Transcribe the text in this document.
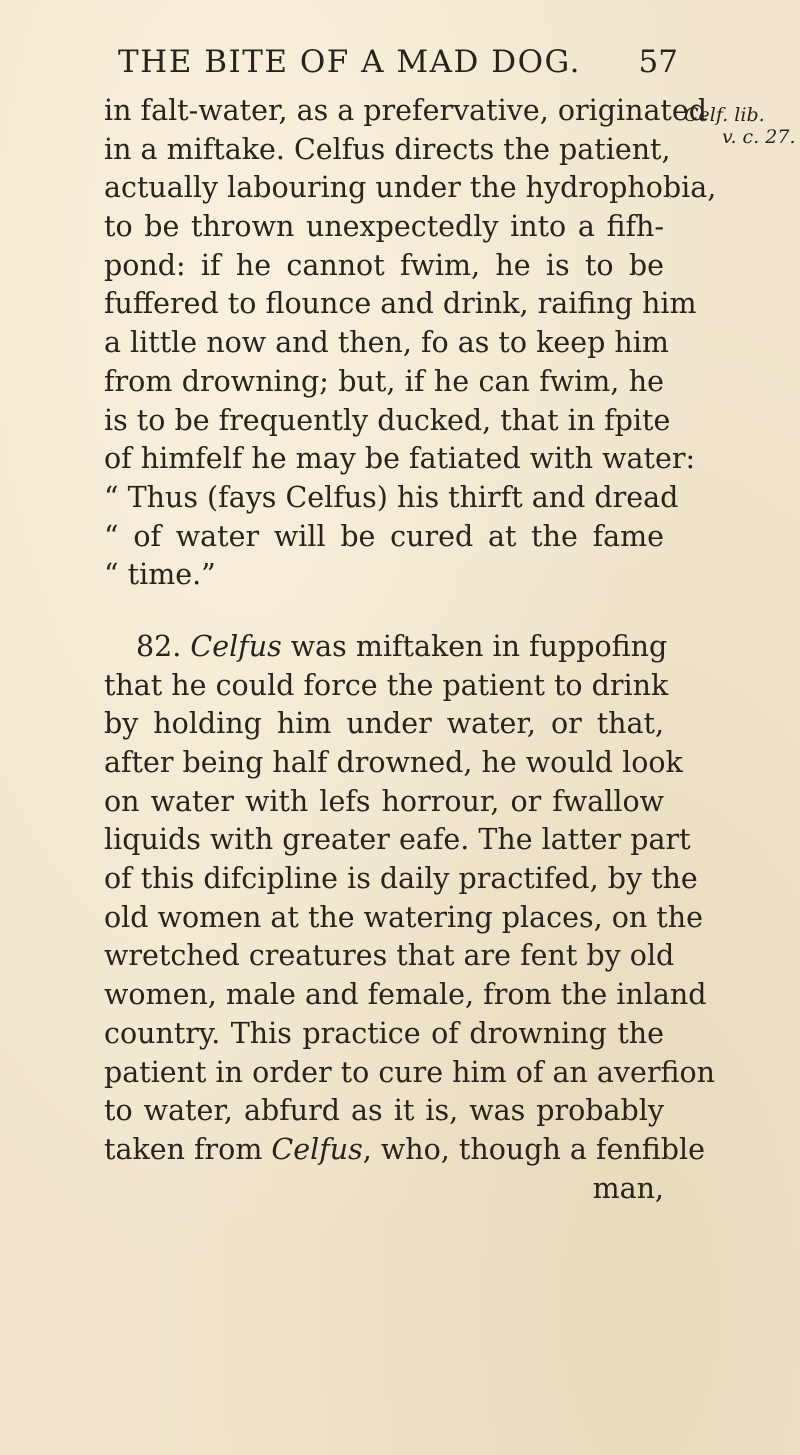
THE BITE OF A MAD DOG. 57
Celf. lib.
v. c. 27.
in falt-water, as a prefervative, originated
in a miftake. Celfus directs the patient,
actually labouring under the hydrophobia,
to be thrown unexpectedly into a fifh-
pond: if he cannot fwim, he is to be
fuffered to flounce and drink, raifing him
a little now and then, fo as to keep him
from drowning; but, if he can fwim, he
is to be frequently ducked, that in fpite
of himfelf he may be fatiated with water:
“ Thus (fays Celfus) his thirft and dread
“ of water will be cured at the fame
“ time.”
82. Celfus was miftaken in fuppofing
that he could force the patient to drink
by holding him under water, or that,
after being half drowned, he would look
on water with lefs horrour, or fwallow
liquids with greater eafe. The latter part
of this difcipline is daily practifed, by the
old women at the watering places, on the
wretched creatures that are fent by old
women, male and female, from the inland
country. This practice of drowning the
patient in order to cure him of an averfion
to water, abfurd as it is, was probably
taken from Celfus, who, though a fenfible
man,
